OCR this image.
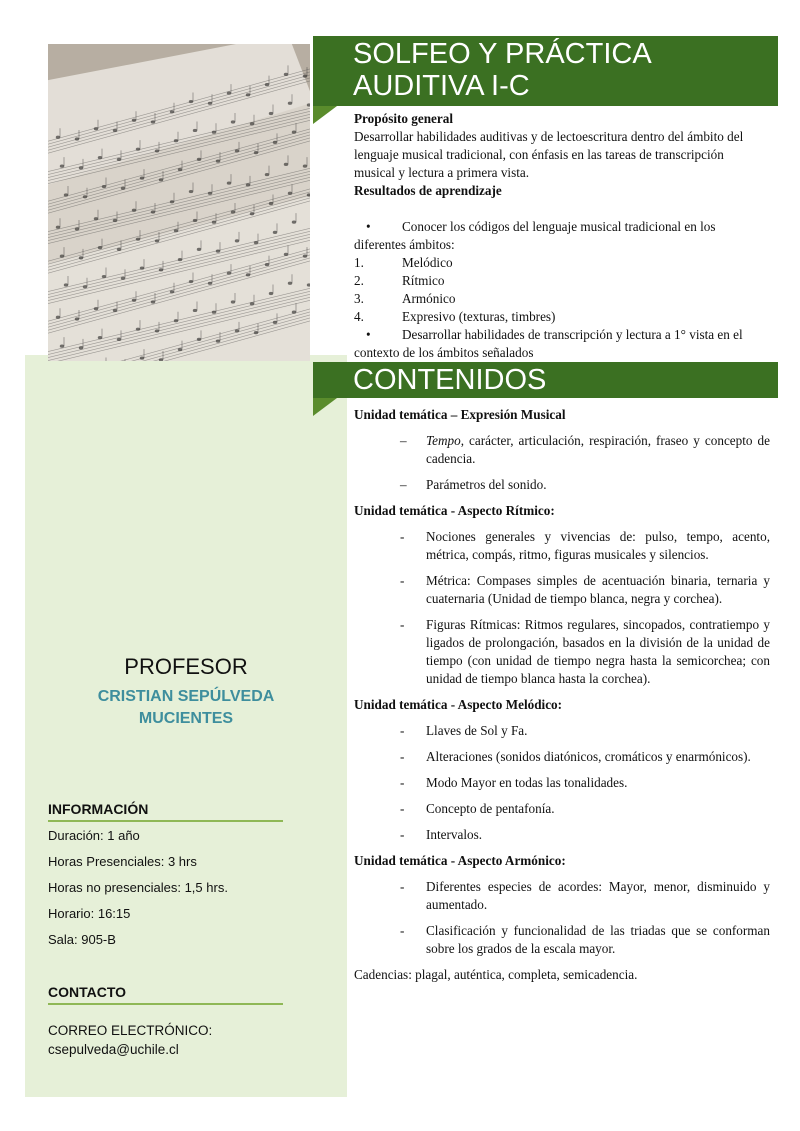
SOLFEO Y PRÁCTICA
AUDITIVA I-C

Propósito general

Desarrollar habilidades auditivas y de lectoescritura dentro del ámbito del lenguaje musical tradicional, con énfasis en las tareas de transcripción musical y lectura a primera vista.

Resultados de aprendizaje

• Conocer los códigos del lenguaje musical tradicional en los diferentes ámbitos:

1.	Melódico
2.	Rítmico
3.	Armónico
4.	Expresivo (texturas, timbres)

• Desarrollar habilidades de transcripción y lectura a 1° vista en el contexto de los ámbitos señalados

CONTENIDOS
Unidad temática – Expresión Musical
–	Tempo, carácter, articulación, respiración, fraseo y concepto de cadencia.
–	Parámetros del sonido.
Unidad temática - Aspecto Rítmico:
-	Nociones generales y vivencias de: pulso, tempo, acento, métrica, compás, ritmo, figuras musicales y silencios.
-	Métrica: Compases simples de acentuación binaria, ternaria y cuaternaria (Unidad de tiempo blanca, negra y corchea).
-	Figuras Rítmicas: Ritmos regulares, sincopados, contratiempo y ligados de prolongación, basados en la división de la unidad de tiempo (con unidad de tiempo negra hasta la semicorchea; con unidad de tiempo blanca hasta la corchea).
Unidad temática - Aspecto Melódico:
-	Llaves de Sol y Fa.
-	Alteraciones (sonidos diatónicos, cromáticos y enarmónicos).
-	Modo Mayor en todas las tonalidades.
-	Concepto de pentafonía.
-	Intervalos.
Unidad temática - Aspecto Armónico:
-	Diferentes especies de acordes: Mayor, menor, disminuido y aumentado.
-	Clasificación y funcionalidad de las triadas que se conforman sobre los grados de la escala mayor.
Cadencias: plagal, auténtica, completa, semicadencia.
PROFESOR
CRISTIAN SEPÚLVEDA
MUCIENTES
INFORMACIÓN
Duración: 1 año
Horas Presenciales: 3 hrs
Horas no presenciales: 1,5 hrs.
Horario: 16:15
Sala: 905-B
CONTACTO
CORREO ELECTRÓNICO:
csepulveda@uchile.cl
